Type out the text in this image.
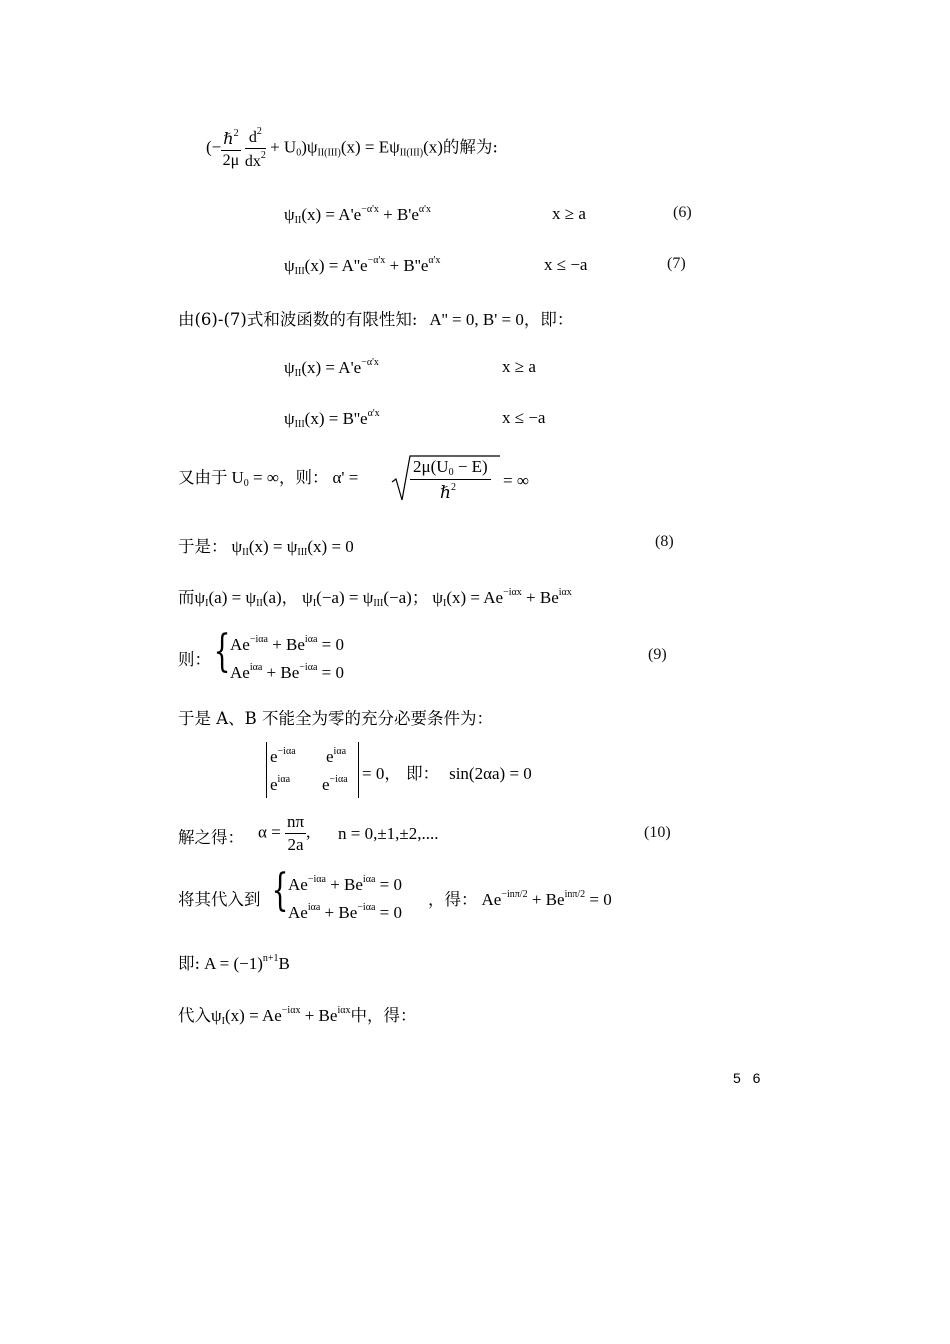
(− $\frac{\hbar^2}{2\mu}$
$\frac{d^2}{dx^2} + U_0)\psi_{II(III)}(x) = E\psi_{II(III)}(x)$的解为:
$\psi_{II}(x) = A'e^{-\alpha'x} + B'e^{\alpha'x}$	x ≥ a	(6)
$\psi_{III}(x) = A''e^{-\alpha'x} + B''e^{\alpha'x}$	x ≤ −a	(7)
由(6)-(7)式和波函数的有限性知: A'' = 0, B' = 0，即：
$\psi_{II}(x) = A'e^{-\alpha'x}$	x ≥ a
$\psi_{III}(x) = B''e^{\alpha'x}$	x ≤ −a
又由于 $U_0$ = ∞，则： α' =
$2\mu(U_0 - E)$
ℏ$^2$	= ∞
于是： $\psi_{II}(x) = \psi_{III}(x) = 0$	(8)
而$\psi_I(a) = \psi_{II}(a)$， $\psi_I(-a) = \psi_{III}(-a)$； $\psi_I(x) = Ae^{-i\alpha x} + Be^{i\alpha x}$
则： { $Ae^{-i\alpha a} + Be^{i\alpha a} = 0$
$Ae^{i\alpha a} + Be^{-i\alpha a} = 0$
(9)
于是 A、B 不能全为零的充分必要条件为：
$e^{-i\alpha a}$ $e^{i\alpha a}$
$e^{i\alpha a}$ $e^{-i\alpha a} = 0$， 即： sin(2αa) = 0
解之得： $\alpha = \frac{n\pi}{2a}$ , n = 0,±1,±2,....	(10)
将其代入到 { $Ae^{-i\alpha a} + Be^{i\alpha a} = 0$
$Ae^{i\alpha a} + Be^{-i\alpha a} = 0$
，得： $Ae^{-in\pi/2} + Be^{in\pi/2} = 0$
即: $A = (-1)^{n+1}B$
代入$\psi_I(x) = Ae^{-i\alpha x} + Be^{i\alpha x}$中，得：
5 6
